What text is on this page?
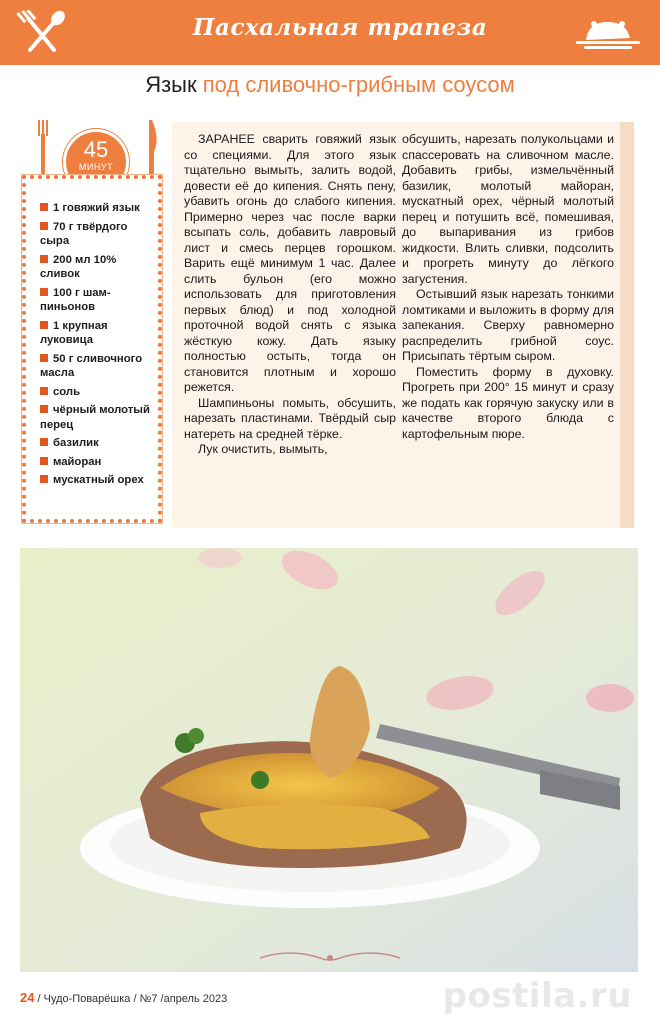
Пасхальная трапеза
Язык под сливочно-грибным соусом
45
МИНУТ
1 говяжий язык
70 г твёрдого сыра
200 мл 10% сливок
100 г шам-пиньонов
1 крупная луковица
50 г сливочного масла
соль
чёрный молотый перец
базилик
майоран
мускатный орех

ЗАРАНЕЕ сварить говяжий язык со специями. Для этого язык тщательно вымыть, залить водой, довести её до кипения. Снять пену, убавить огонь до слабого кипения. Примерно через час после варки всыпать соль, добавить лавровый лист и смесь перцев горошком. Варить ещё минимум 1 час. Далее слить бульон (его можно использовать для приготовления первых блюд) и под холодной проточной водой снять с языка жёсткую кожу. Дать языку полностью остыть, тогда он становится плотным и хорошо режется.

Шампиньоны помыть, обсушить, нарезать пластинами. Твёрдый сыр натереть на средней тёрке.

Лук очистить, вымыть,

обсушить, нарезать полукольцами и спассеровать на сливочном масле. Добавить грибы, измельчённый базилик, молотый майоран, мускатный орех, чёрный молотый перец и потушить всё, помешивая, до выпаривания из грибов жидкости. Влить сливки, подсолить и прогреть минуту до лёгкого загустения.

Остывший язык нарезать тонкими ломтиками и выложить в форму для запекания. Сверху равномерно распределить грибной соус. Присыпать тёртым сыром.

Поместить форму в духовку. Прогреть при 200° 15 минут и сразу же подать как горячую закуску или в качестве второго блюда с картофельным пюре.

24 / Чудо-Поварёшка / №7 /апрель 2023	postila.ru
